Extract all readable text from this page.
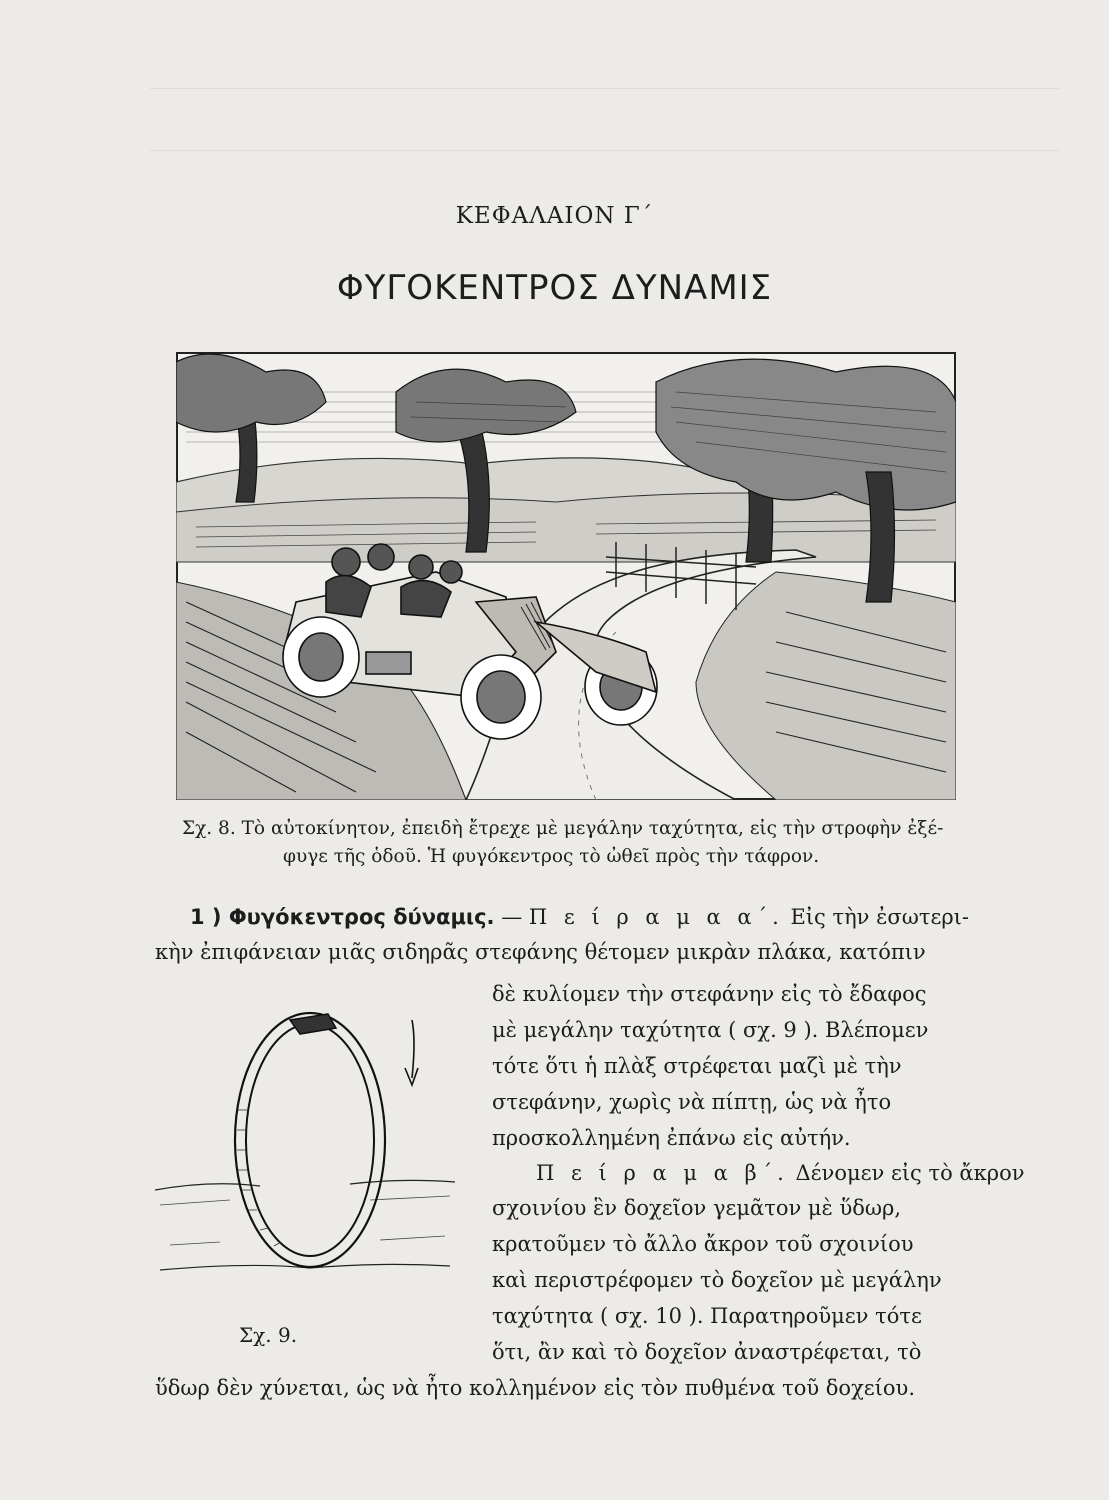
ΚΕΦΑΛΑΙΟΝ Γ΄
ΦΥΓΟΚΕΝΤΡΟΣ ΔΥΝΑΜΙΣ
Σχ. 8. Τὸ αὐτοκίνητον, ἐπειδὴ ἔτρεχε μὲ μεγάλην ταχύτητα, εἰς τὴν στροφὴν ἐξέ-
φυγε τῆς ὁδοῦ. Ἡ φυγόκεντρος τὸ ὠθεῖ πρὸς τὴν τάφρον.
1 ) Φυγόκεντρος δύναμις. — Π ε ί ρ α μ α α΄. Εἰς τὴν ἐσωτερι-
κὴν ἐπιφάνειαν μιᾶς σιδηρᾶς στεφάνης θέτομεν μικρὰν πλάκα, κατόπιν
δὲ κυλίομεν τὴν στεφάνην εἰς τὸ ἔδαφος
μὲ μεγάλην ταχύτητα ( σχ. 9 ). Βλέπομεν
τότε ὅτι ἡ πλὰξ στρέφεται μαζὶ μὲ τὴν
στεφάνην, χωρὶς νὰ πίπτῃ, ὡς νὰ ἦτο
προσκολλημένη ἐπάνω εἰς αὐτήν.
Π ε ί ρ α μ α β΄. Δένομεν εἰς τὸ ἄκρον
σχοινίου ἓν δοχεῖον γεμᾶτον μὲ ὕδωρ,
κρατοῦμεν τὸ ἄλλο ἄκρον τοῦ σχοινίου
καὶ περιστρέφομεν τὸ δοχεῖον μὲ μεγάλην
ταχύτητα ( σχ. 10 ). Παρατηροῦμεν τότε
ὅτι, ἂν καὶ τὸ δοχεῖον ἀναστρέφεται, τὸ
ὕδωρ δὲν χύνεται, ὡς νὰ ἦτο κολλημένον εἰς τὸν πυθμένα τοῦ δοχείου.
Σχ. 9.
